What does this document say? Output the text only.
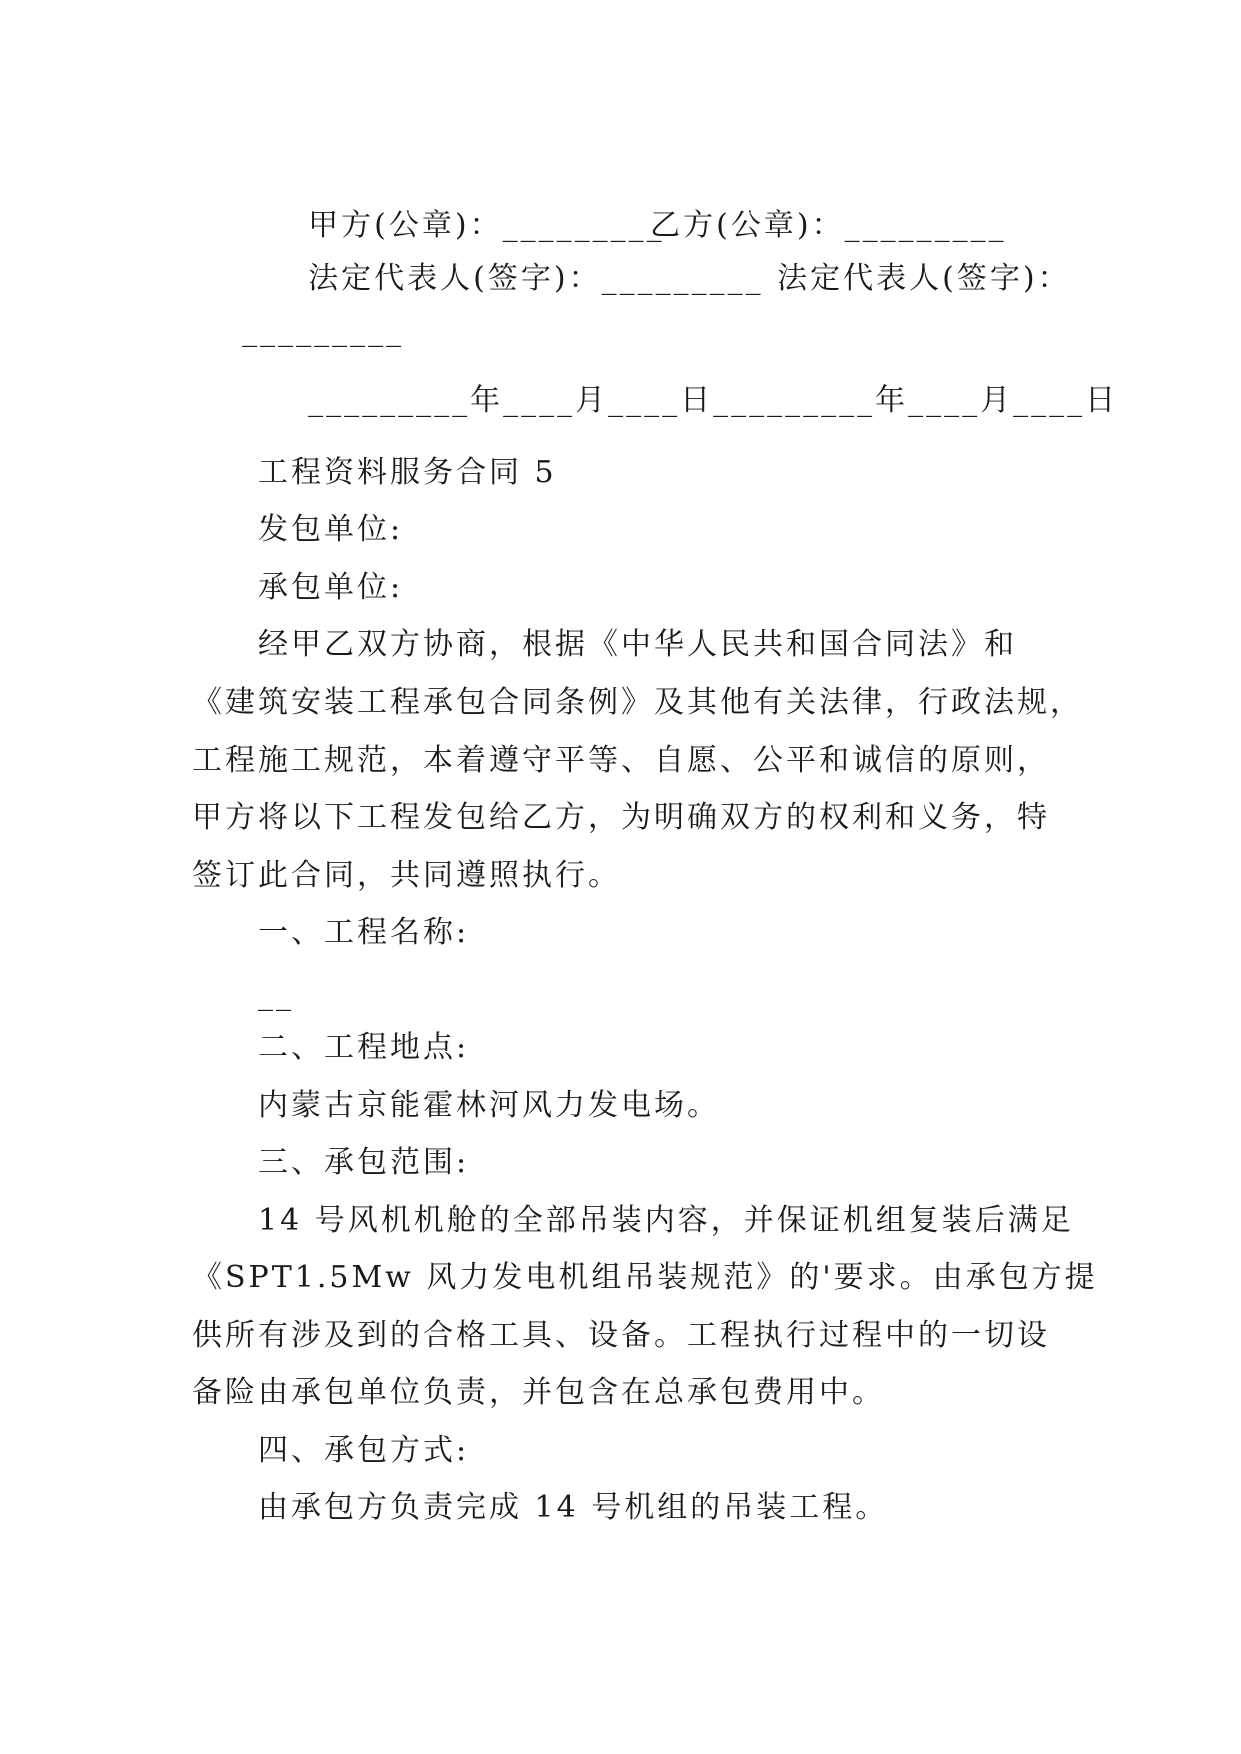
甲方(公章)：_________

乙方(公章)：_________

法定代表人(签字)：_________
法定代表人(签字)：

_________

_________年____月____日_________年____月____日

工程资料服务合同 5
发包单位:
承包单位:
经甲乙双方协商，根据《中华人民共和国合同法》和
《建筑安装工程承包合同条例》及其他有关法律，行政法规，
工程施工规范，本着遵守平等、自愿、公平和诚信的原则，
甲方将以下工程发包给乙方，为明确双方的权利和义务，特
签订此合同，共同遵照执行。
一、工程名称:
__
二、工程地点:
内蒙古京能霍林河风力发电场。
三、承包范围:
14 号风机机舱的全部吊装内容，并保证机组复装后满足
《SPT1.5Mw 风力发电机组吊装规范》的'要求。由承包方提
供所有涉及到的合格工具、设备。工程执行过程中的一切设
备险由承包单位负责，并包含在总承包费用中。
四、承包方式:
由承包方负责完成 14 号机组的吊装工程。
